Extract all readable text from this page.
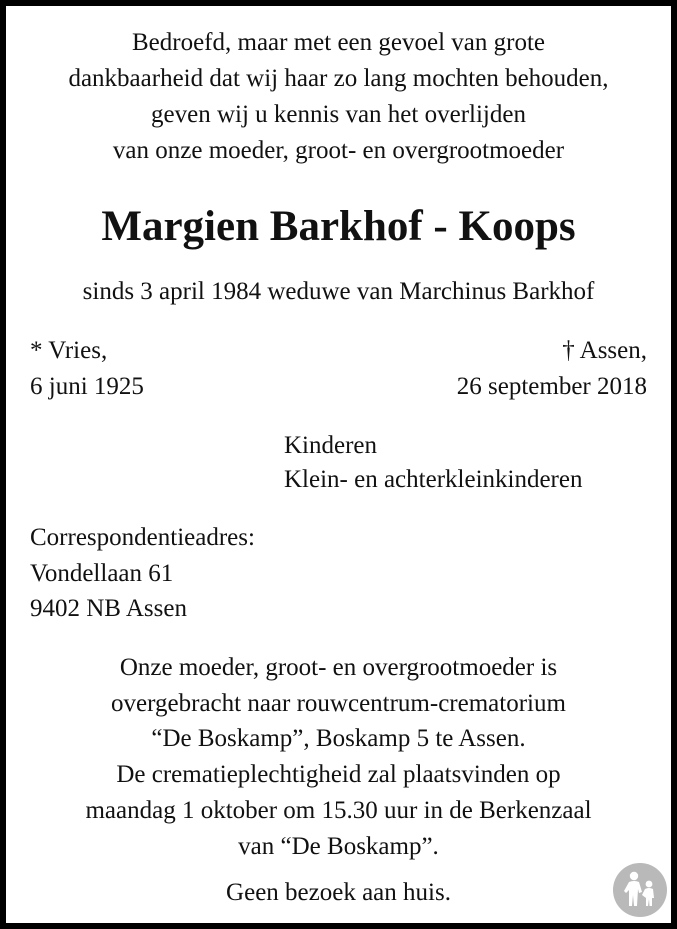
Bedroefd, maar met een gevoel van grote
dankbaarheid dat wij haar zo lang mochten behouden,
geven wij u kennis van het overlijden
van onze moeder, groot- en overgrootmoeder
Margien Barkhof - Koops
sinds 3 april 1984 weduwe van Marchinus Barkhof
* Vries,
6 juni 1925
† Assen,
26 september 2018
Kinderen
Klein- en achterkleinkinderen
Correspondentieadres:
Vondellaan 61
9402 NB Assen
Onze moeder, groot- en overgrootmoeder is
overgebracht naar rouwcentrum-crematorium
“De Boskamp”, Boskamp 5 te Assen.
De crematieplechtigheid zal plaatsvinden op
maandag 1 oktober om 15.30 uur in de Berkenzaal
van “De Boskamp”.
Geen bezoek aan huis.
